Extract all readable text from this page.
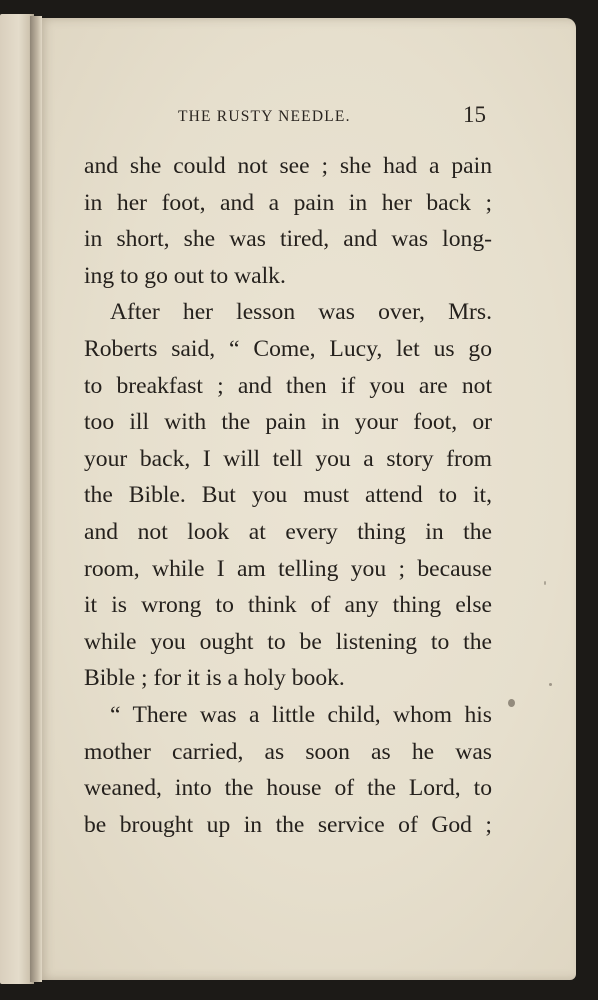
THE RUSTY NEEDLE.	15
and she could not see ; she had a pain
in her foot, and a pain in her back ;
in short, she was tired, and was long-
ing to go out to walk.
After her lesson was over, Mrs.
Roberts said, “ Come, Lucy, let us go
to breakfast ; and then if you are not
too ill with the pain in your foot, or
your back, I will tell you a story from
the Bible. But you must attend to it,
and not look at every thing in the
room, while I am telling you ; because
it is wrong to think of any thing else
while you ought to be listening to the
Bible ; for it is a holy book.
“ There was a little child, whom his
mother carried, as soon as he was
weaned, into the house of the Lord, to
be brought up in the service of God ;
